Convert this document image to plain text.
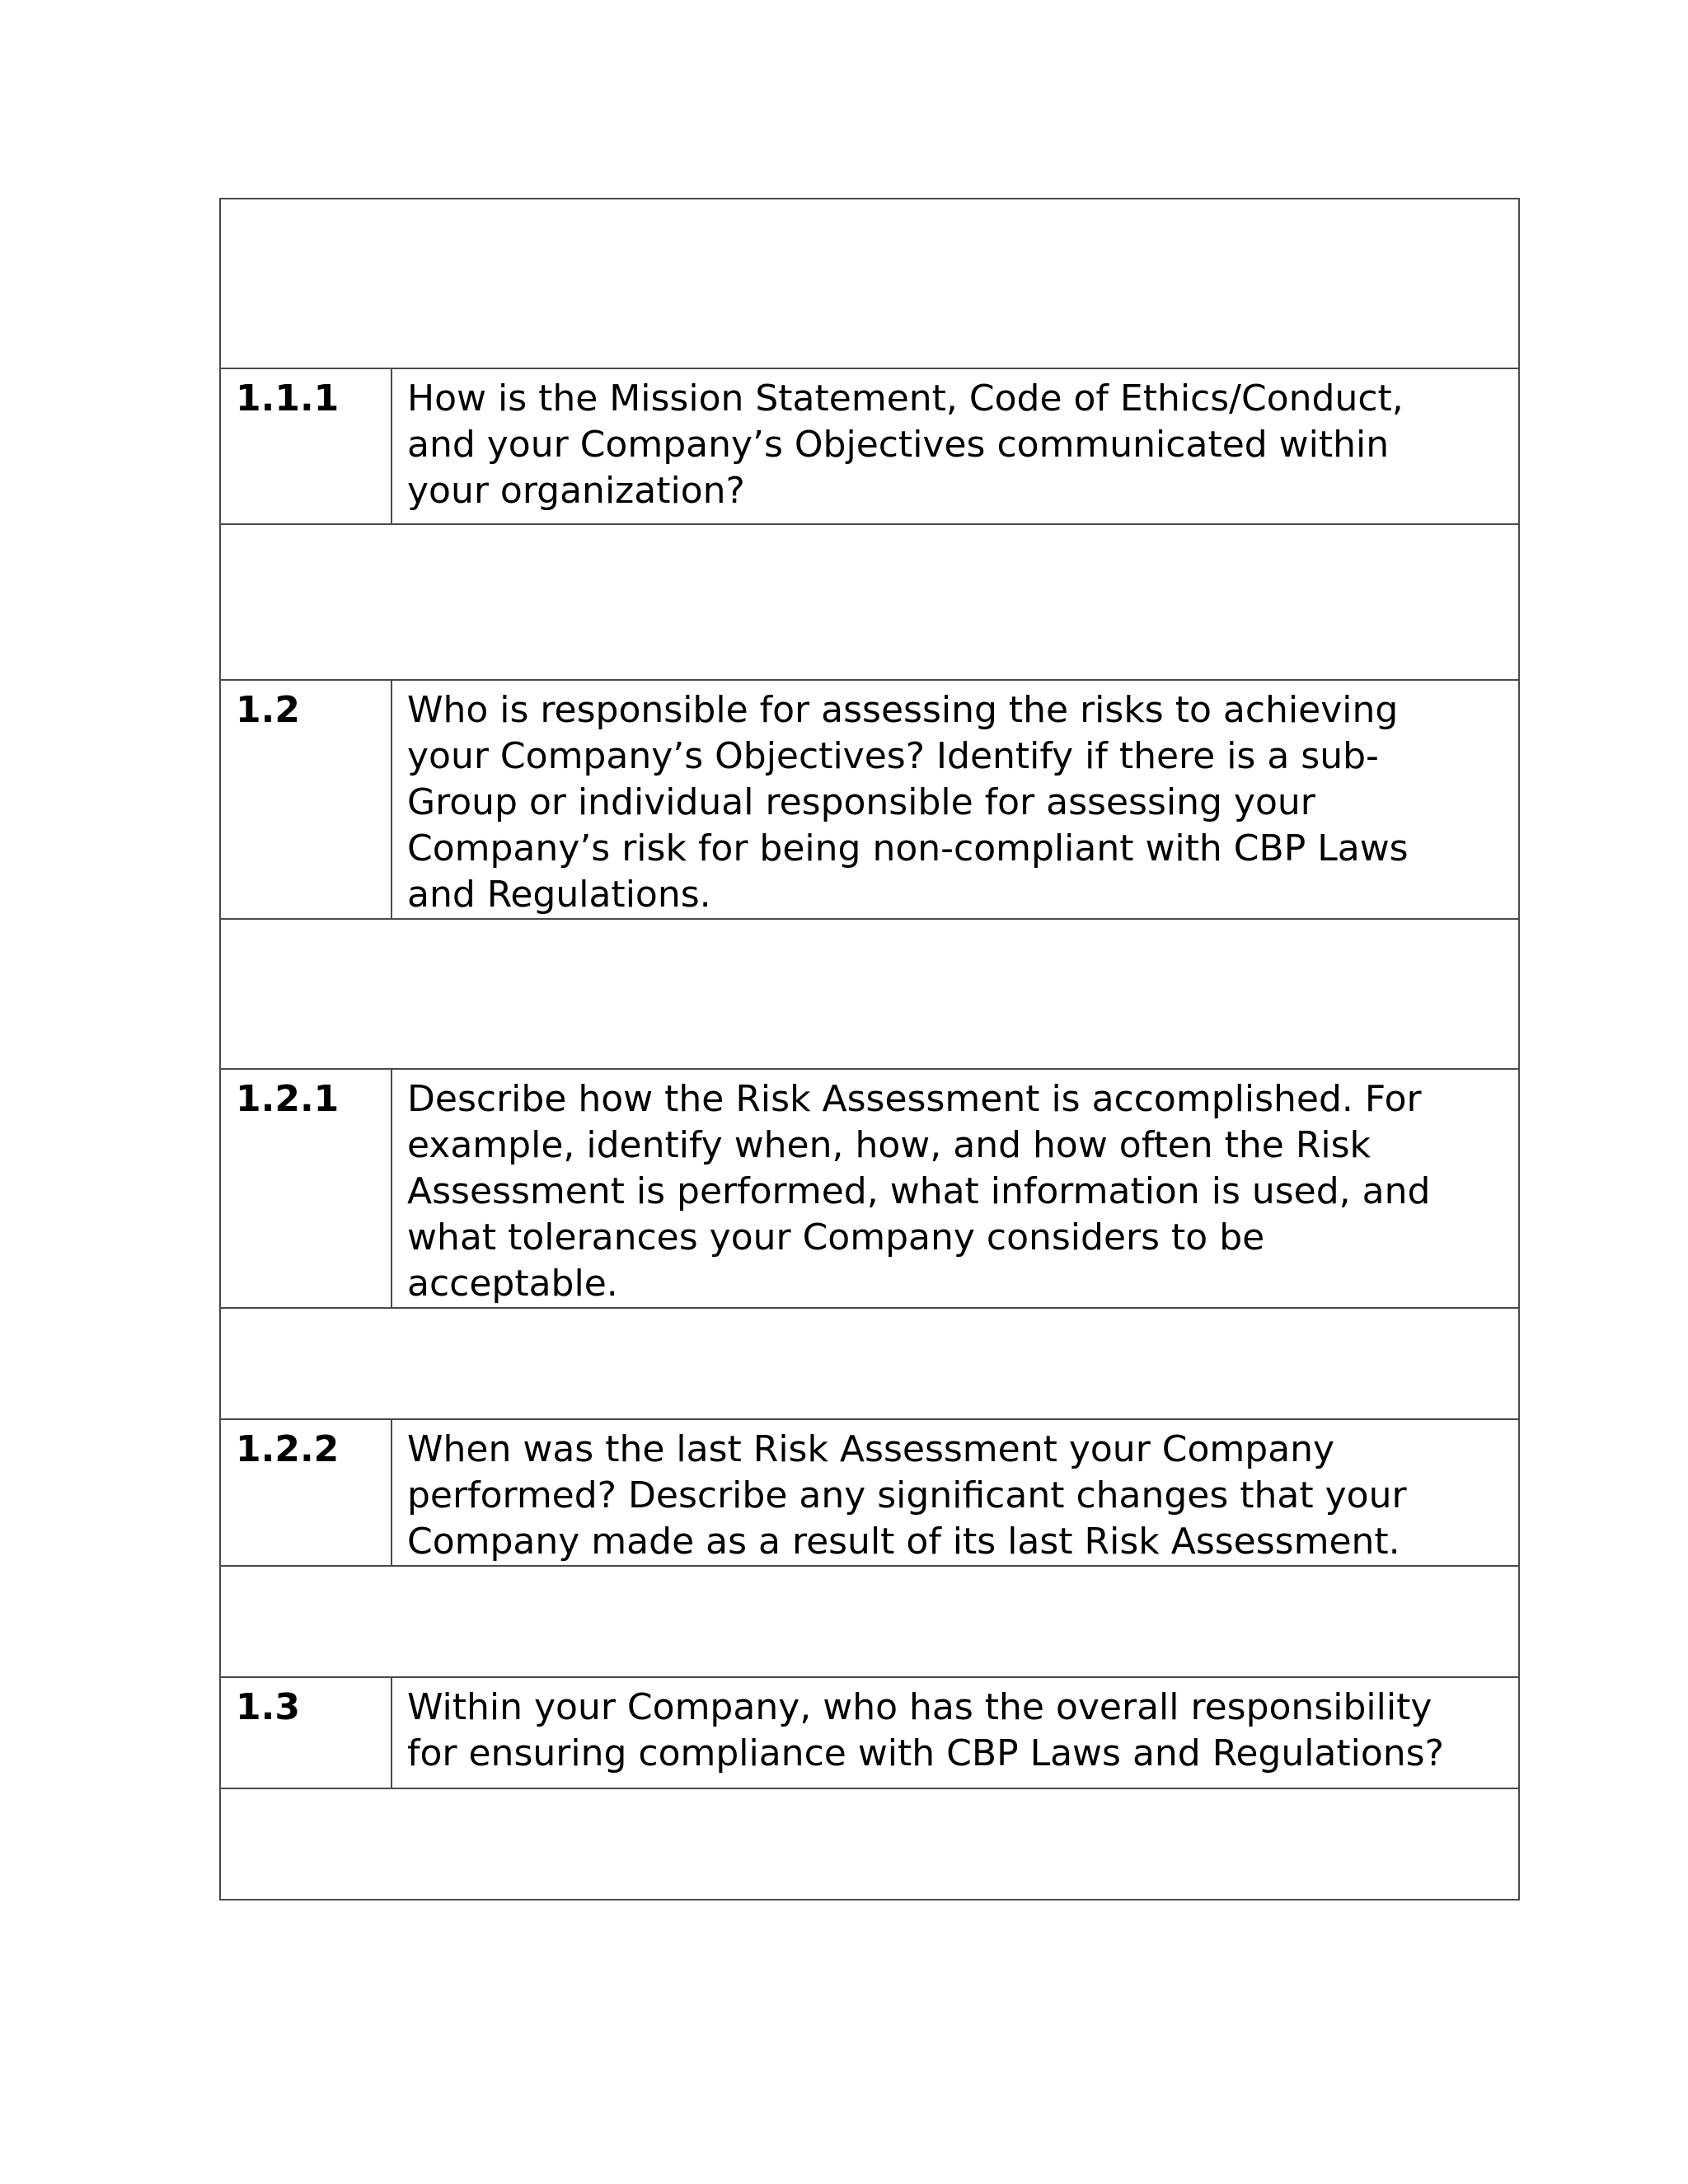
1.1.1	How is the Mission Statement, Code of Ethics/Conduct,
and your Company’s Objectives communicated within
your organization?

1.2	Who is responsible for assessing the risks to achieving
your Company’s Objectives? Identify if there is a sub-
Group or individual responsible for assessing your
Company’s risk for being non-compliant with CBP Laws
and Regulations.

1.2.1	Describe how the Risk Assessment is accomplished. For
example, identify when, how, and how often the Risk
Assessment is performed, what information is used, and
what tolerances your Company considers to be
acceptable.

1.2.2	When was the last Risk Assessment your Company
performed? Describe any significant changes that your
Company made as a result of its last Risk Assessment.

1.3	Within your Company, who has the overall responsibility
for ensuring compliance with CBP Laws and Regulations?
